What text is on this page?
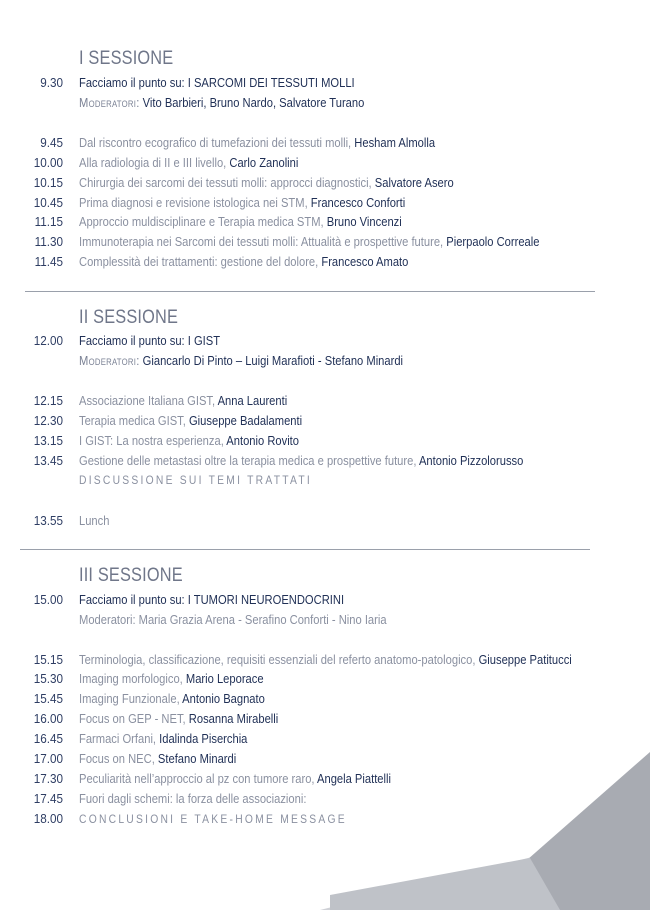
I SESSIONE
9.30 Facciamo il punto su: I SARCOMI DEI TESSUTI MOLLI
Moderatori: Vito Barbieri, Bruno Nardo, Salvatore Turano
9.45 Dal riscontro ecografico di tumefazioni dei tessuti molli, Hesham Almolla
10.00 Alla radiologia di II e III livello, Carlo Zanolini
10.15 Chirurgia dei sarcomi dei tessuti molli: approcci diagnostici, Salvatore Asero
10.45 Prima diagnosi e revisione istologica nei STM, Francesco Conforti
11.15 Approccio muldisciplinare e Terapia medica STM, Bruno Vincenzi
11.30 Immunoterapia nei Sarcomi dei tessuti molli: Attualità e prospettive future, Pierpaolo Correale
11.45 Complessità dei trattamenti: gestione del dolore, Francesco Amato
II SESSIONE
12.00 Facciamo il punto su: I GIST
Moderatori: Giancarlo Di Pinto – Luigi Marafioti - Stefano Minardi
12.15 Associazione Italiana GIST, Anna Laurenti
12.30 Terapia medica GIST, Giuseppe Badalamenti
13.15 I GIST: La nostra esperienza, Antonio Rovito
13.45 Gestione delle metastasi oltre la terapia medica e prospettive future, Antonio Pizzolorusso
DISCUSSIONE SUI TEMI TRATTATI
13.55 Lunch
III SESSIONE
15.00 Facciamo il punto su: I TUMORI NEUROENDOCRINI
Moderatori: Maria Grazia Arena - Serafino Conforti - Nino Iaria
15.15 Terminologia, classificazione, requisiti essenziali del referto anatomo-patologico, Giuseppe Patitucci
15.30 Imaging morfologico, Mario Leporace
15.45 Imaging Funzionale, Antonio Bagnato
16.00 Focus on GEP - NET, Rosanna Mirabelli
16.45 Farmaci Orfani, Idalinda Piserchia
17.00 Focus on NEC, Stefano Minardi
17.30 Peculiarità nell’approccio al pz con tumore raro, Angela Piattelli
17.45 Fuori dagli schemi: la forza delle associazioni:
18.00 CONCLUSIONI E TAKE-HOME MESSAGE
